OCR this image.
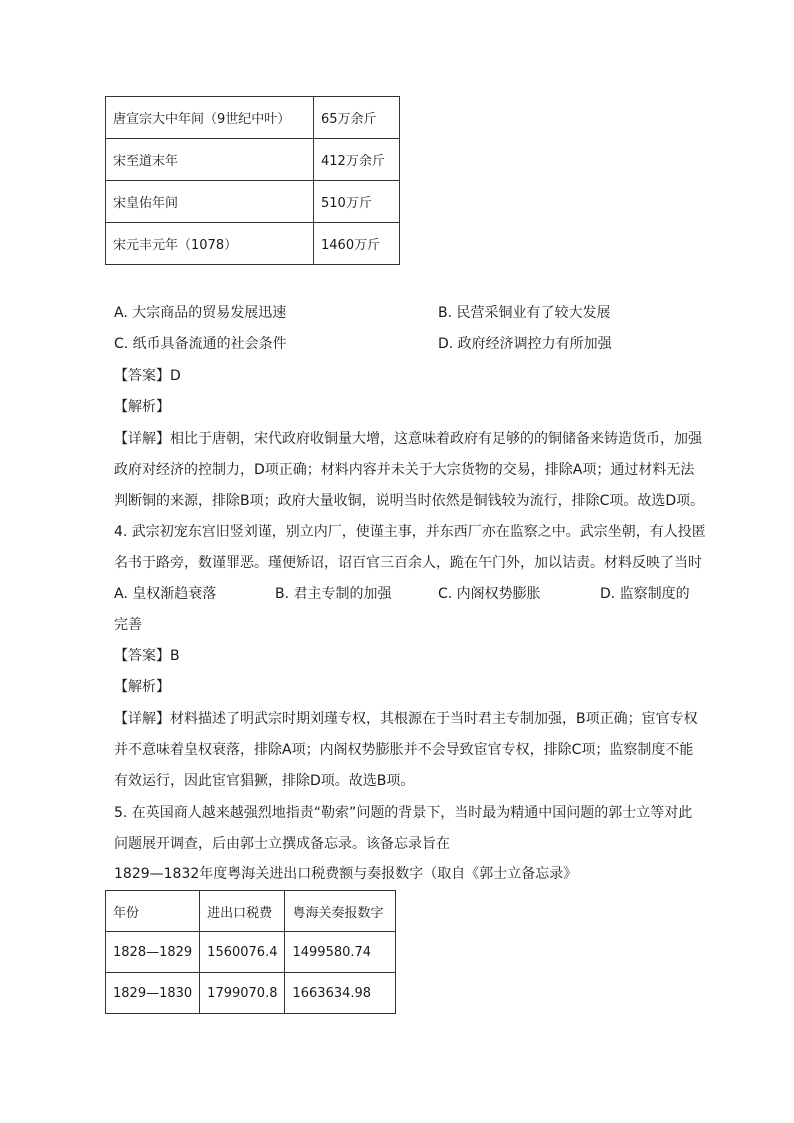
唐宣宗大中年间（9世纪中叶）	65万余斤
宋至道末年	412万余斤
宋皇佑年间	510万斤
宋元丰元年（1078）	1460万斤
A. 大宗商品的贸易发展迅速	B. 民营采铜业有了较大发展
C. 纸币具备流通的社会条件	D. 政府经济调控力有所加强
【答案】D
【解析】
【详解】相比于唐朝，宋代政府收铜量大增，这意味着政府有足够的的铜储备来铸造货币，加强
政府对经济的控制力，D项正确；材料内容并未关于大宗货物的交易，排除A项；通过材料无法
判断铜的来源，排除B项；政府大量收铜，说明当时依然是铜钱较为流行，排除C项。故选D项。
4. 武宗初宠东宫旧竖刘谨，别立内厂，使谨主事，并东西厂亦在监察之中。武宗坐朝，有人投匿
名书于路旁，数谨罪恶。瑾便矫诏，诏百官三百余人，跪在午门外，加以诘责。材料反映了当时
A. 皇权渐趋衰落	B. 君主专制的加强	C. 内阁权势膨胀	D. 监察制度的
完善
【答案】B
【解析】
【详解】材料描述了明武宗时期刘瑾专权，其根源在于当时君主专制加强，B项正确；宦官专权
并不意味着皇权衰落，排除A项；内阁权势膨胀并不会导致宦官专权，排除C项；监察制度不能
有效运行，因此宦官猖獗，排除D项。故选B项。
5. 在英国商人越来越强烈地指责“勒索”问题的背景下，当时最为精通中国问题的郭士立等对此
问题展开调查，后由郭士立撰成备忘录。该备忘录旨在
1829—1832年度粤海关进出口税费额与奏报数字（取自《郭士立备忘录》
年份	进出口税费	粤海关奏报数字
1828—1829	1560076.4	1499580.74
1829—1830	1799070.8	1663634.98
